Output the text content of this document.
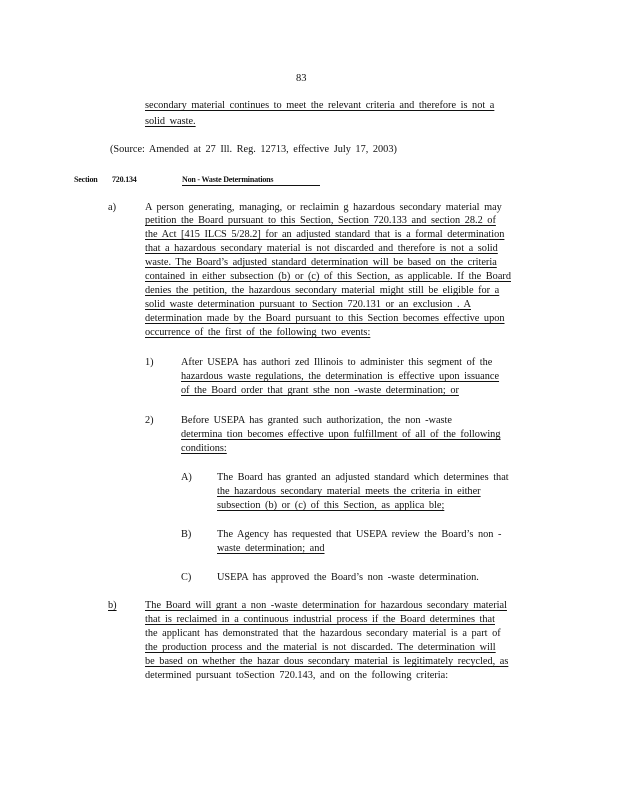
83
secondary material continues to meet the relevant criteria and therefore is not a
solid waste.
(Source: Amended at 27 Ill. Reg. 12713, effective July 17, 2003)
Section 720.134	Non - Waste Determinations
a)	A person generating, managing, or reclaimin g hazardous secondary material may
petition the Board pursuant to this Section, Section 720.133 and section 28.2 of
the Act [415 ILCS 5/28.2] for an adjusted standard that is a formal determination
that a hazardous secondary material is not discarded and therefore is not a solid
waste. The Board’s adjusted standard determination will be based on the criteria
contained in either subsection (b) or (c) of this Section, as applicable. If the Board
denies the petition, the hazardous secondary material might still be eligible for a
solid waste determination pursuant to Section 720.131 or an exclusion . A
determination made by the Board pursuant to this Section becomes effective upon
occurrence of the first of the following two events:
1)	After USEPA has authori zed Illinois to administer this segment of the
hazardous waste regulations, the determination is effective upon issuance
of the Board order that grant sthe non -waste determination; or
2)	Before USEPA has granted such authorization, the non -waste
determina tion becomes effective upon fulfillment of all of the following
conditions:
A) The Board has granted an adjusted standard which determines that
the hazardous secondary material meets the criteria in either
subsection (b) or (c) of this Section, as applica ble;
B) The Agency has requested that USEPA review the Board’s non -
waste determination; and
C) USEPA has approved the Board’s non -waste determination.
b)	The Board will grant a non -waste determination for hazardous secondary material
that is reclaimed in a continuous industrial process if the Board determines that
the applicant has demonstrated that the hazardous secondary material is a part of
the production process and the material is not discarded. The determination will
be based on whether the hazar dous secondary material is legitimately recycled, as
determined pursuant toSection 720.143, and on the following criteria:
